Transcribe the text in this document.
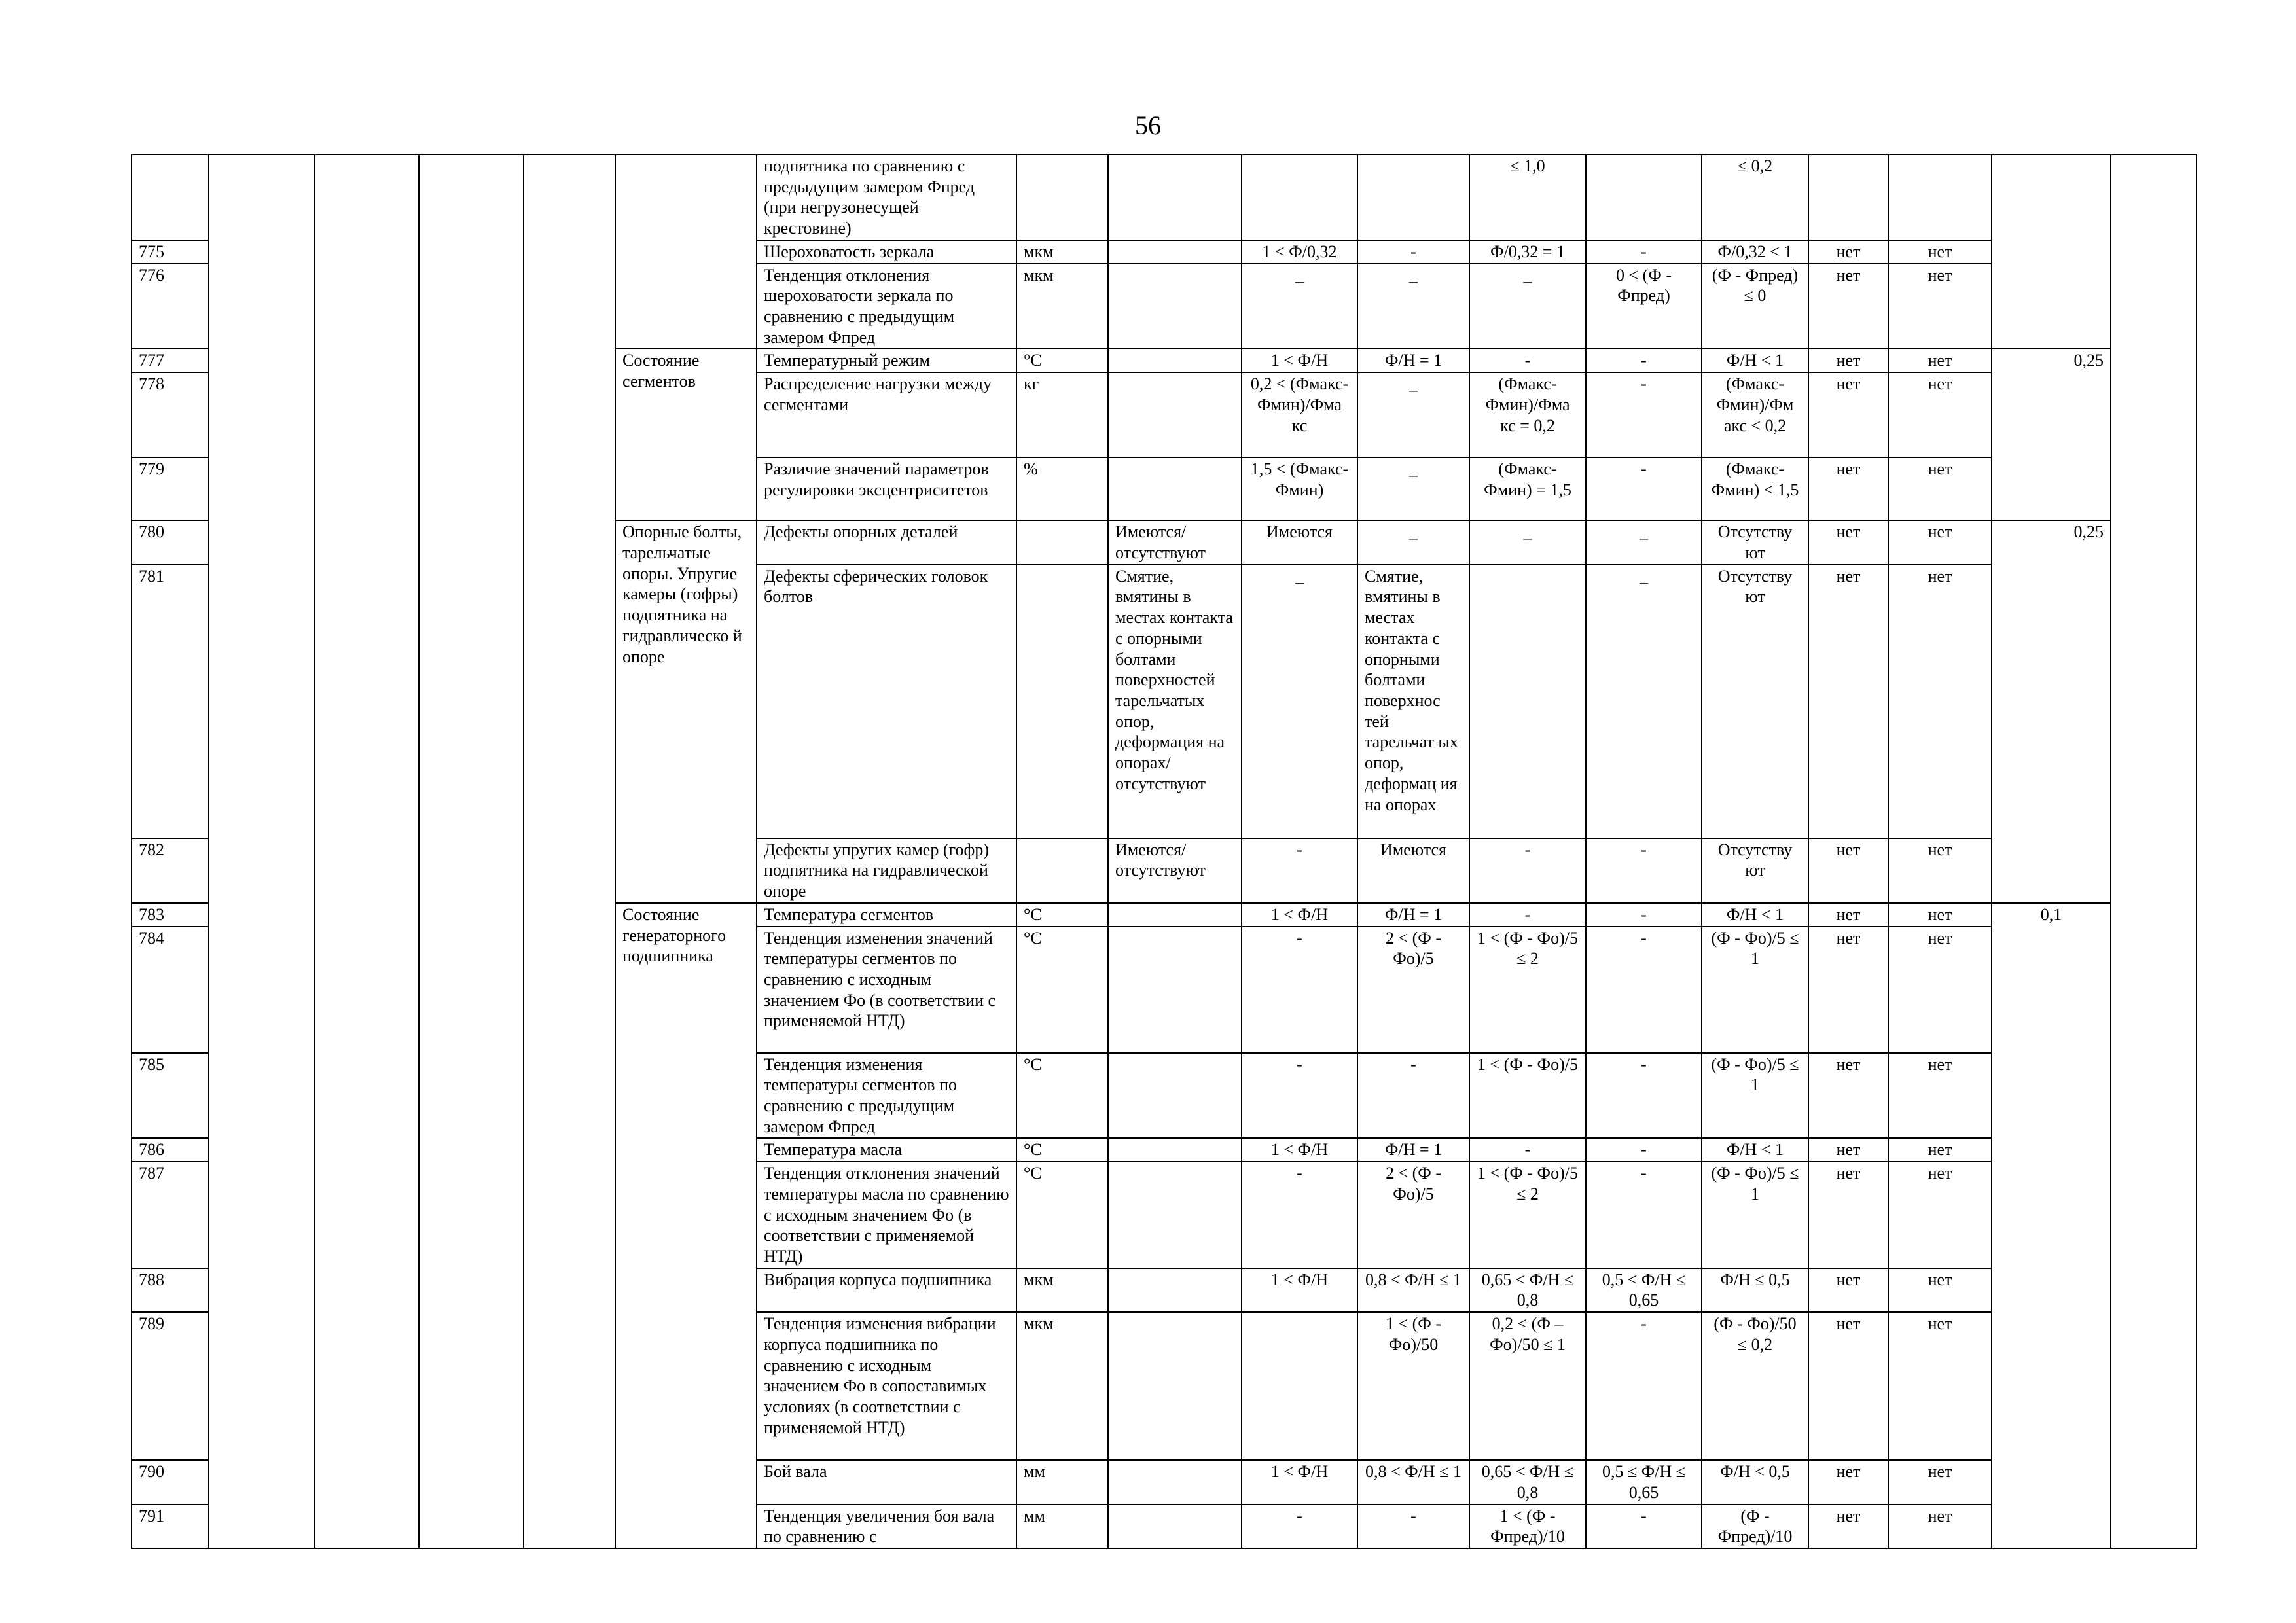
56
						подпятника по сравнению с предыдущим замером Фпред (при негрузонесущей крестовине)					≤ 1,0		≤ 0,2					
775						Шероховатость зеркала	мкм		1 < Ф/0,32	-	Ф/0,32 = 1	-	Ф/0,32 < 1	нет	нет			
776						Тенденция отклонения шероховатости зеркала по сравнению с предыдущим замером Фпред	мкм		_	_	_	0 < (Ф - Фпред)	(Ф - Фпред) ≤ 0	нет	нет			
777					Состояние сегментов	Температурный режим	°С		1 < Ф/Н	Ф/Н = 1	-	-	Ф/Н < 1	нет	нет	0,25		
778						Распределение нагрузки между сегментами	кг		0,2 < (Фмакс-Фмин)/Фма кс	_	(Фмакс-Фмин)/Фма кс = 0,2	-	(Фмакс-Фмин)/Фм акс < 0,2	нет	нет			
779						Различие значений параметров регулировки эксцентриситетов	%		1,5 < (Фмакс-Фмин)	_	(Фмакс-Фмин) = 1,5	-	(Фмакс-Фмин) < 1,5	нет	нет			
780					Опорные болты, тарельчатые опоры. Упругие камеры (гофры) подпятника на гидравлическо й опоре	Дефекты опорных деталей		Имеются/ отсутствуют	Имеются	_	_	_	Отсутству ют	нет	нет	0,25		
781						Дефекты сферических головок болтов		Смятие, вмятины в местах контакта с опорными болтами поверхностей тарельчатых опор, деформация на опорах/ отсутствуют	_	Смятие, вмятины в местах контакта с опорными болтами поверхнос тей тарельчат ых опор, деформац ия на опорах		_	Отсутству ют	нет	нет			
782						Дефекты упругих камер (гофр) подпятника на гидравлической опоре		Имеются/ отсутствуют	-	Имеются	-	-	Отсутству ют	нет	нет			
783					Состояние генераторного подшипника	Температура сегментов	°С		1 < Ф/Н	Ф/Н = 1	-	-	Ф/Н < 1	нет	нет	0,1		
784						Тенденция изменения значений температуры сегментов по сравнению с исходным значением Фо (в соответствии с применяемой НТД)	°С		-	2 < (Ф - Фо)/5	1 < (Ф - Фо)/5 ≤ 2	-	(Ф - Фо)/5 ≤ 1	нет	нет			
785						Тенденция изменения температуры сегментов по сравнению с предыдущим замером Фпред	°С		-	-	1 < (Ф - Фо)/5	-	(Ф - Фо)/5 ≤ 1	нет	нет			
786						Температура масла	°С		1 < Ф/Н	Ф/Н = 1	-	-	Ф/Н < 1	нет	нет			
787						Тенденция отклонения значений температуры масла по сравнению с исходным значением Фо (в соответствии с применяемой НТД)	°С		-	2 < (Ф - Фо)/5	1 < (Ф - Фо)/5 ≤ 2	-	(Ф - Фо)/5 ≤ 1	нет	нет			
788						Вибрация корпуса подшипника	мкм		1 < Ф/Н	0,8 < Ф/Н ≤ 1	0,65 < Ф/Н ≤ 0,8	0,5 < Ф/Н ≤ 0,65	Ф/Н ≤ 0,5	нет	нет			
789						Тенденция изменения вибрации корпуса подшипника по сравнению с исходным значением Фо в сопоставимых условиях (в соответствии с применяемой НТД)	мкм			1 < (Ф - Фо)/50	0,2 < (Ф – Фо)/50 ≤ 1	-	(Ф - Фо)/50 ≤ 0,2	нет	нет			
790						Бой вала	мм		1 < Ф/Н	0,8 < Ф/Н ≤ 1	0,65 < Ф/Н ≤ 0,8	0,5 ≤ Ф/Н ≤ 0,65	Ф/Н < 0,5	нет	нет			
791						Тенденция увеличения боя вала по сравнению с	мм		-	-	1 < (Ф - Фпред)/10	-	(Ф - Фпред)/10	нет	нет			
